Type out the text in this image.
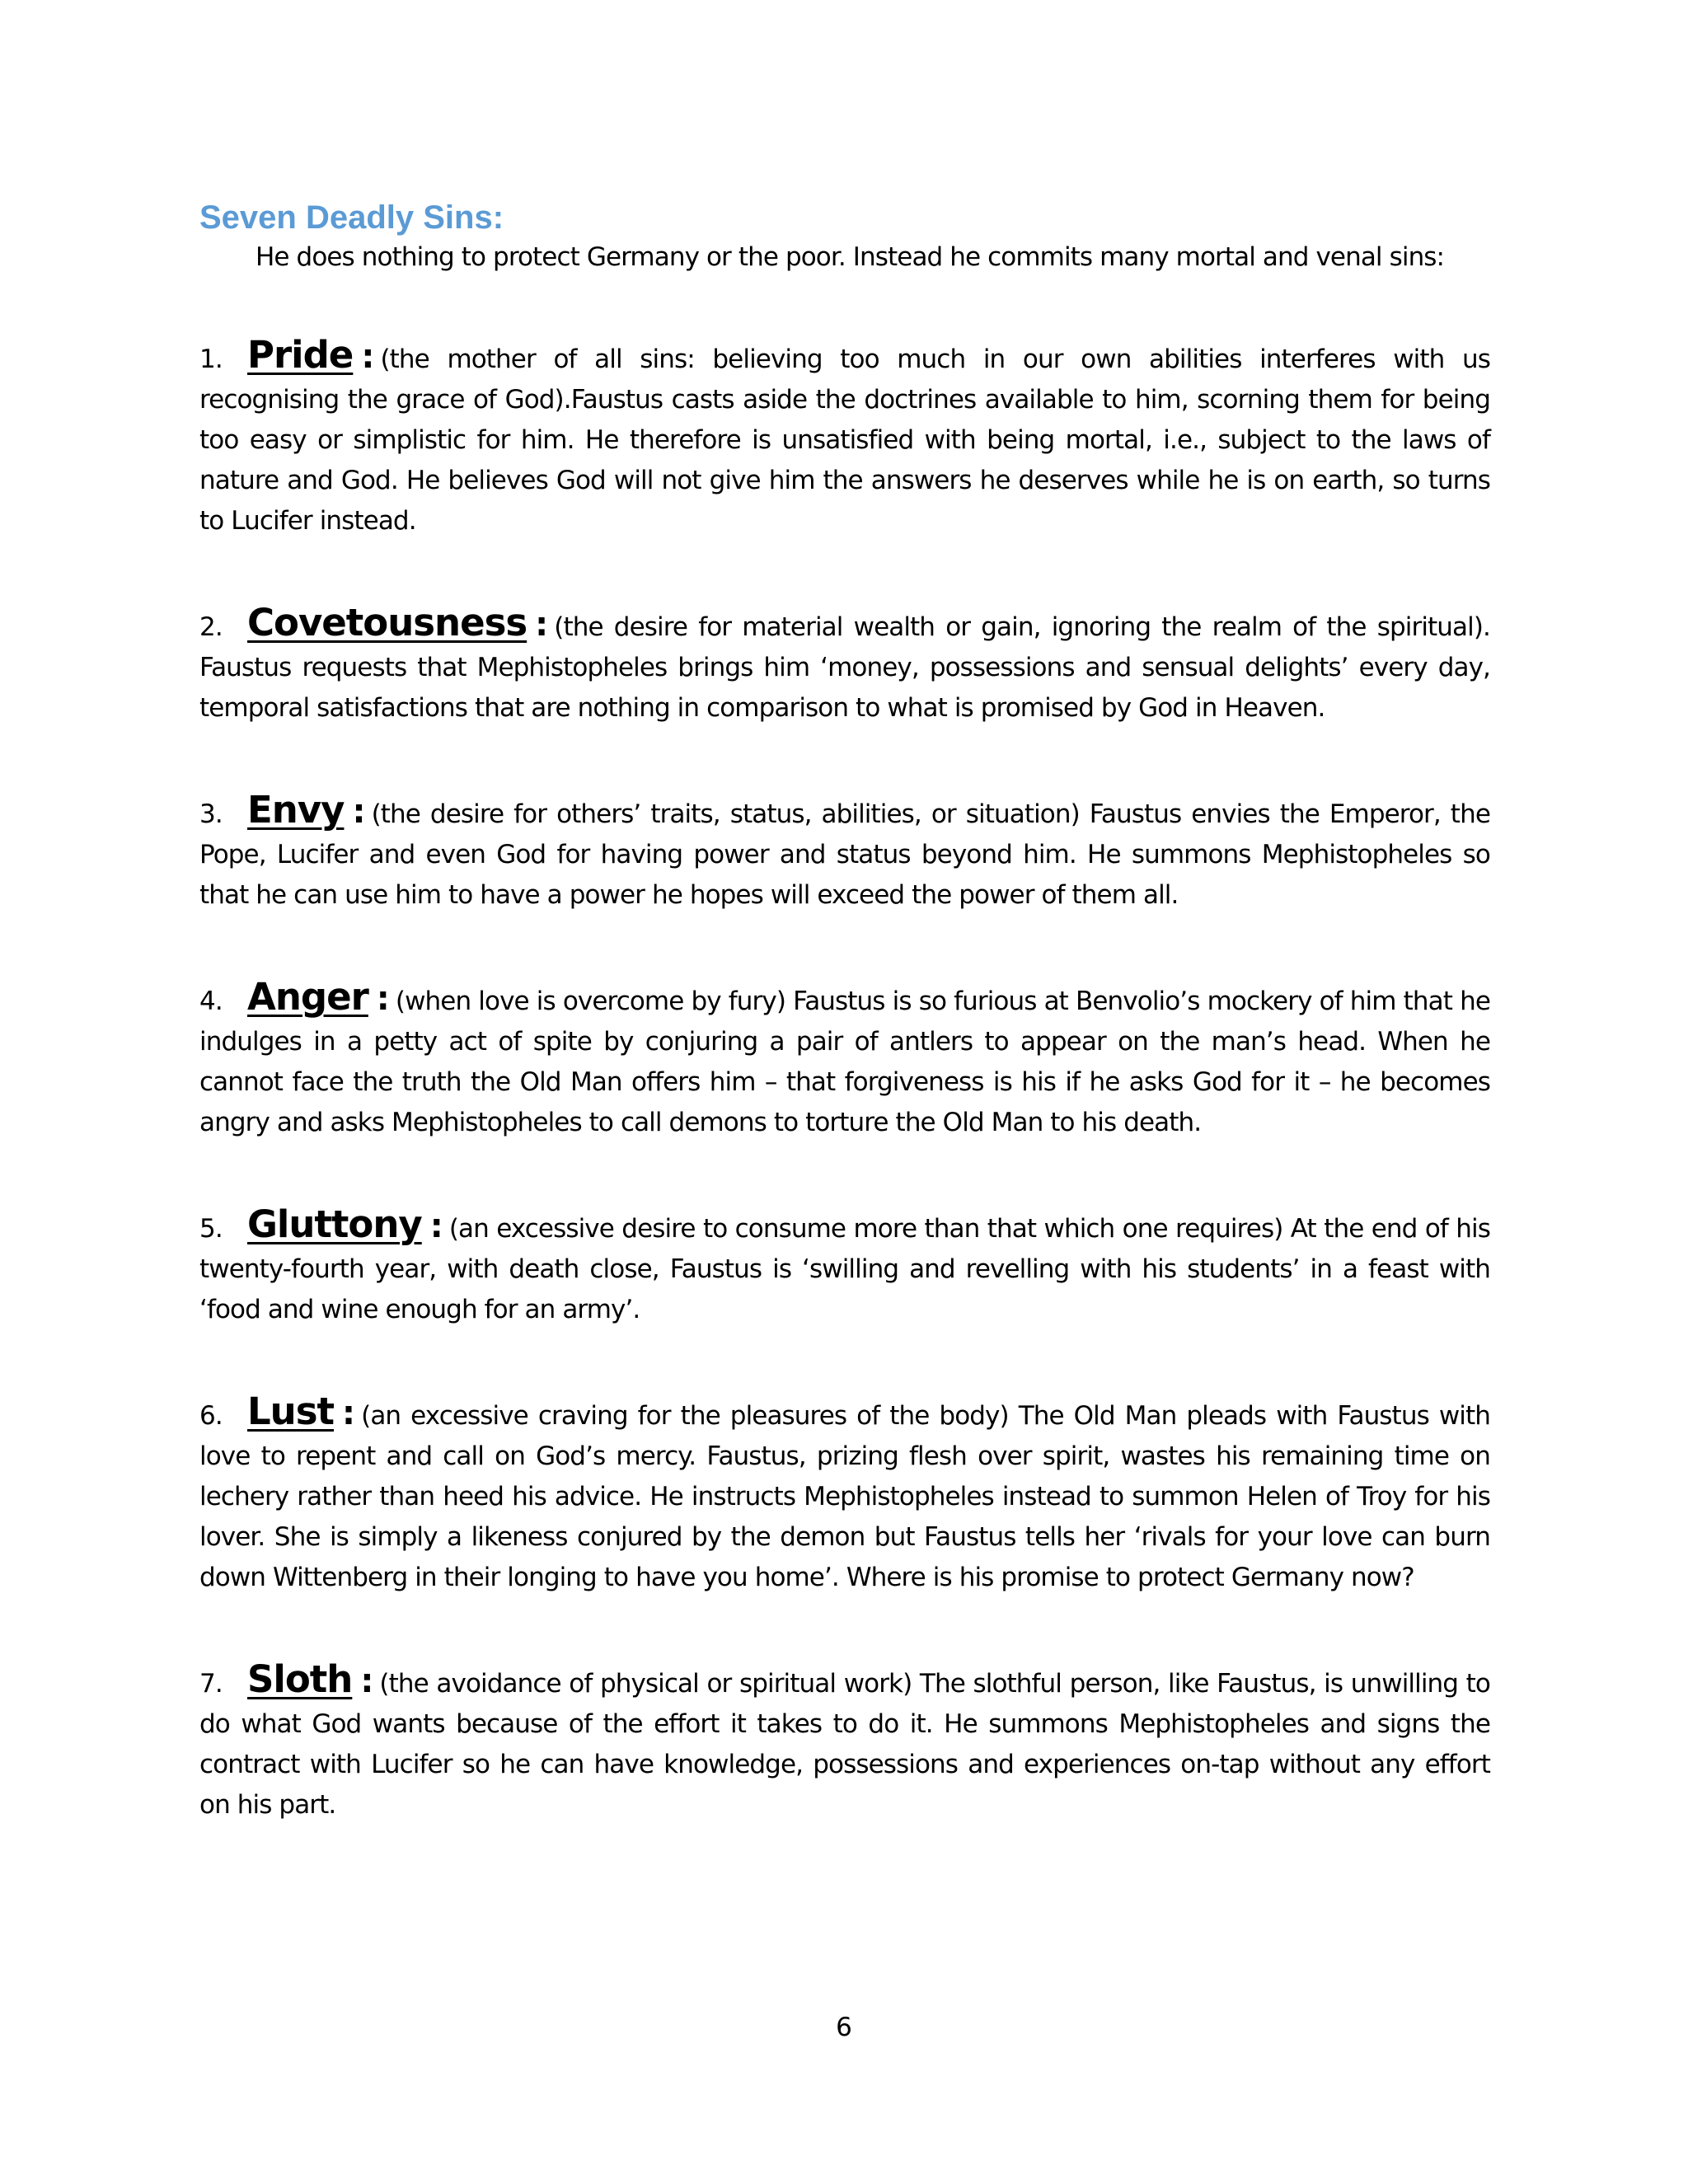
Seven Deadly Sins:

He does nothing to protect Germany or the poor. Instead he commits many mortal and venal sins:

1. Pride : (the mother of all sins: believing too much in our own abilities interferes with us recognising the grace of God).Faustus casts aside the doctrines available to him, scorning them for being too easy or simplistic for him. He therefore is unsatisfied with being mortal, i.e., subject to the laws of nature and God. He believes God will not give him the answers he deserves while he is on earth, so turns to Lucifer instead.

2. Covetousness : (the desire for material wealth or gain, ignoring the realm of the spiritual). Faustus requests that Mephistopheles brings him ‘money, possessions and sensual delights’ every day, temporal satisfactions that are nothing in comparison to what is promised by God in Heaven.

3. Envy : (the desire for others’ traits, status, abilities, or situation) Faustus envies the Emperor, the Pope, Lucifer and even God for having power and status beyond him. He summons Mephistopheles so that he can use him to have a power he hopes will exceed the power of them all.

4. Anger : (when love is overcome by fury) Faustus is so furious at Benvolio’s mockery of him that he indulges in a petty act of spite by conjuring a pair of antlers to appear on the man’s head. When he cannot face the truth the Old Man offers him – that forgiveness is his if he asks God for it – he becomes angry and asks Mephistopheles to call demons to torture the Old Man to his death.

5. Gluttony : (an excessive desire to consume more than that which one requires) At the end of his twenty-fourth year, with death close, Faustus is ‘swilling and revelling with his students’ in a feast with ‘food and wine enough for an army’.

6. Lust : (an excessive craving for the pleasures of the body) The Old Man pleads with Faustus with love to repent and call on God’s mercy. Faustus, prizing flesh over spirit, wastes his remaining time on lechery rather than heed his advice. He instructs Mephistopheles instead to summon Helen of Troy for his lover. She is simply a likeness conjured by the demon but Faustus tells her ‘rivals for your love can burn down Wittenberg in their longing to have you home’. Where is his promise to protect Germany now?

7. Sloth : (the avoidance of physical or spiritual work) The slothful person, like Faustus, is unwilling to do what God wants because of the effort it takes to do it. He summons Mephistopheles and signs the contract with Lucifer so he can have knowledge, possessions and experiences on-tap without any effort on his part.

6
